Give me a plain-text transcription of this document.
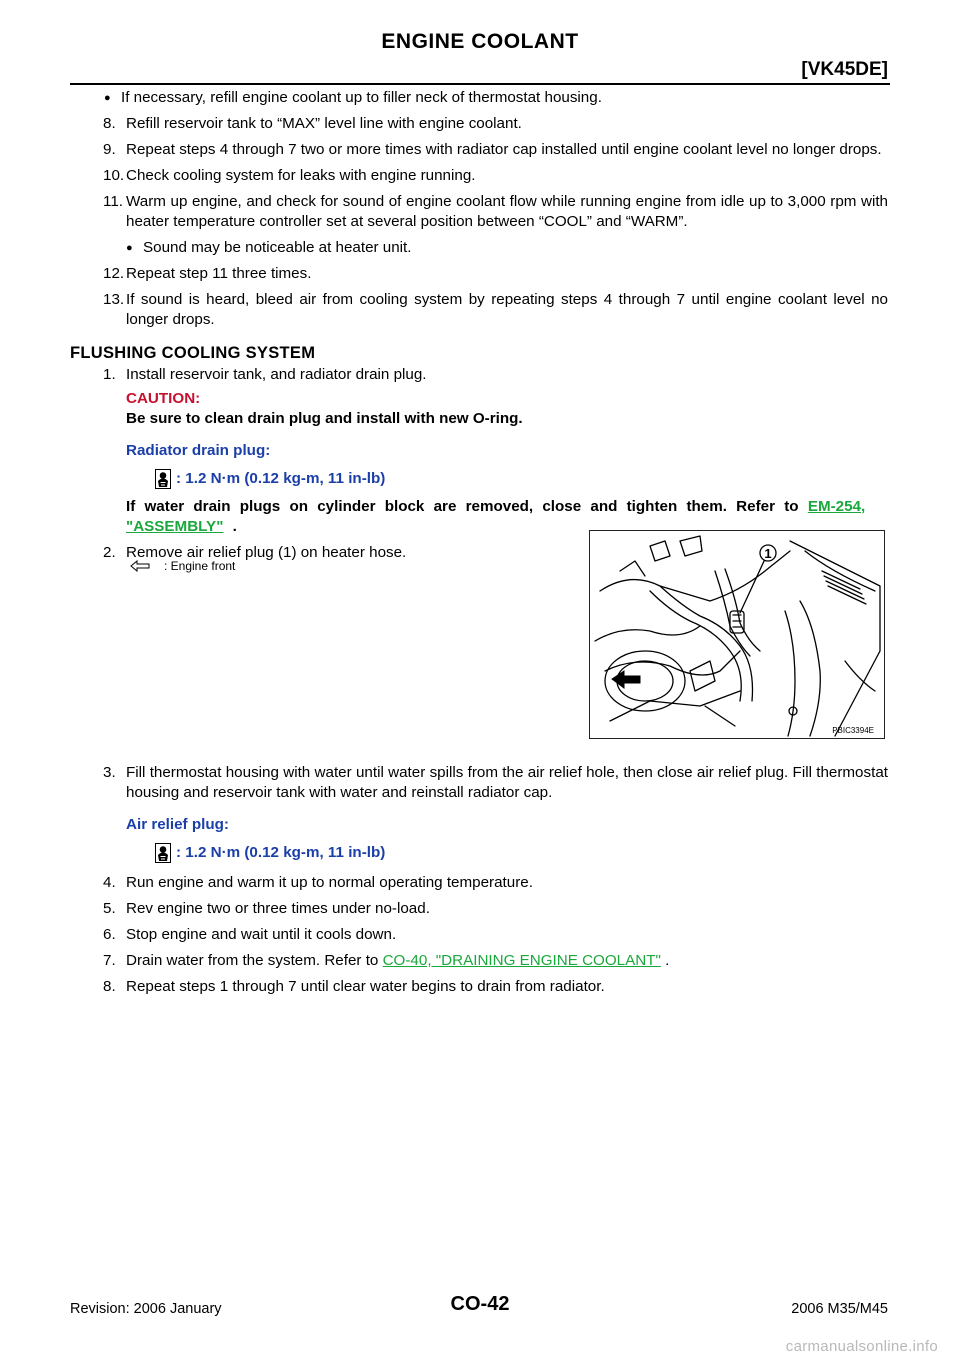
ENGINE COOLANT
[VK45DE]

● If necessary, refill engine coolant up to filler neck of thermostat housing.

8. Refill reservoir tank to “MAX” level line with engine coolant.

9. Repeat steps 4 through 7 two or more times with radiator cap installed until engine coolant level no longer drops.

10. Check cooling system for leaks with engine running.

11. Warm up engine, and check for sound of engine coolant flow while running engine from idle up to 3,000 rpm with heater temperature controller set at several position between “COOL” and “WARM”.

● Sound may be noticeable at heater unit.

12. Repeat step 11 three times.

13. If sound is heard, bleed air from cooling system by repeating steps 4 through 7 until engine coolant level no longer drops.

FLUSHING COOLING SYSTEM

1. Install reservoir tank, and radiator drain plug.

CAUTION:

Be sure to clean drain plug and install with new O-ring.

Radiator drain plug:

: 1.2 N·m (0.12 kg-m, 11 in-lb)

If water drain plugs on cylinder block are removed, close and tighten them. Refer to EM-254,
"ASSEMBLY" .

2. Remove air relief plug (1) on heater hose.

3. Fill thermostat housing with water until water spills from the air relief hole, then close air relief plug. Fill thermostat housing and reservoir tank with water and reinstall radiator cap.

Air relief plug:

: 1.2 N·m (0.12 kg-m, 11 in-lb)

4. Run engine and warm it up to normal operating temperature.

5. Rev engine two or three times under no-load.

6. Stop engine and wait until it cools down.

7. Drain water from the system. Refer to CO-40, "DRAINING ENGINE COOLANT" .

8. Repeat steps 1 through 7 until clear water begins to drain from radiator.

: Engine front
1
PBIC3394E
Revision: 2006 January	CO-42	2006 M35/M45
carmanualsonline.info
